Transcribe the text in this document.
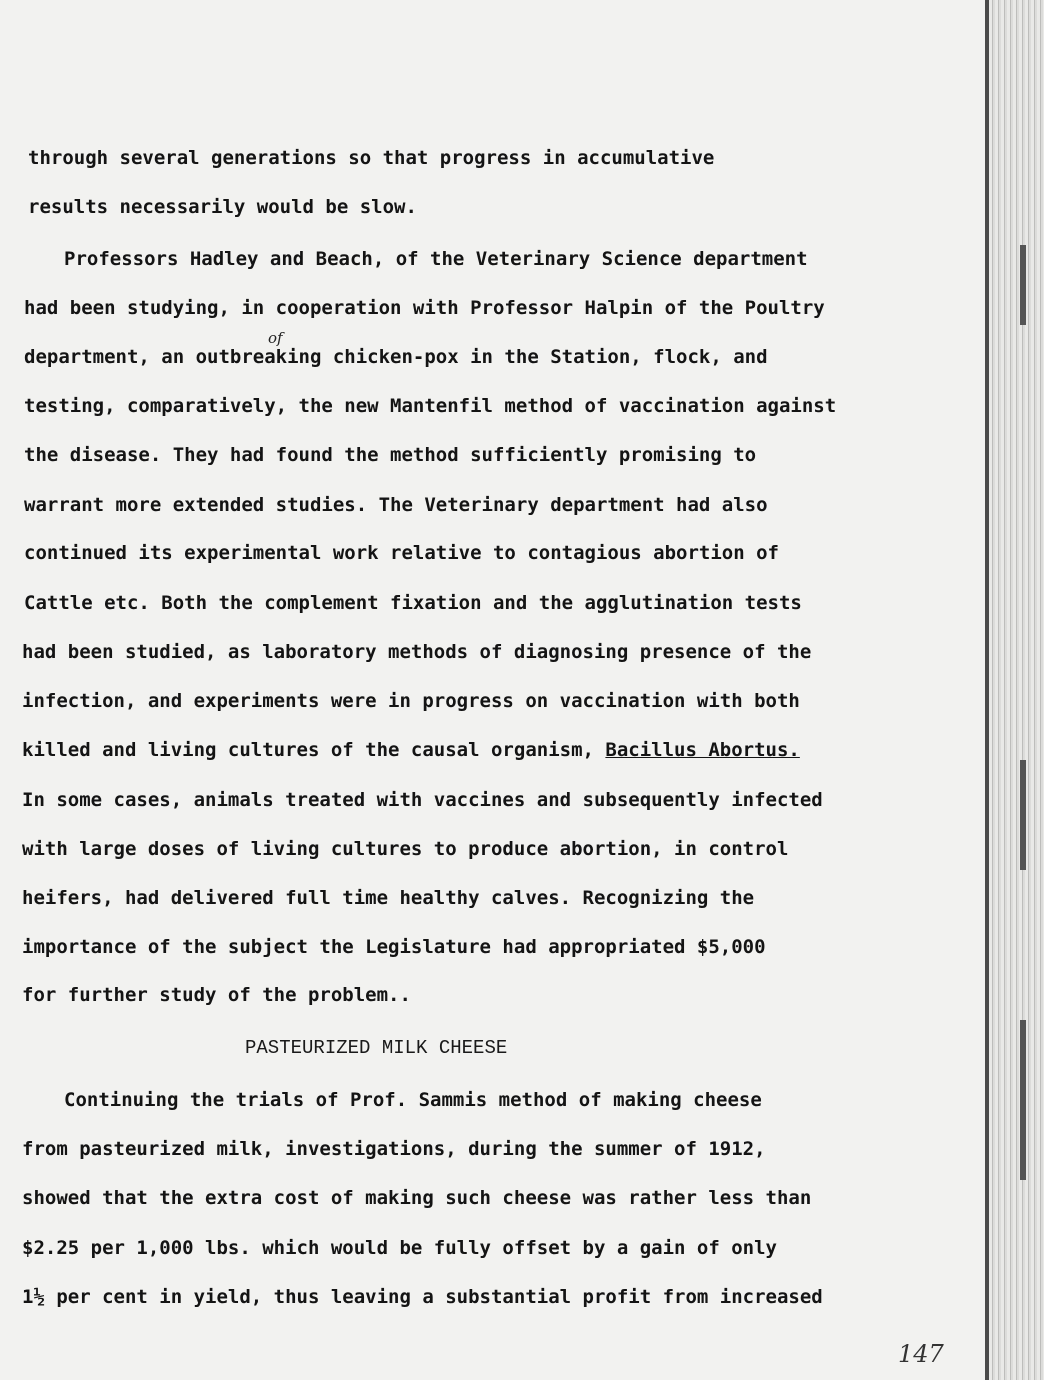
through several generations so that progress in accumulative

results necessarily would be slow.

Professors Hadley and Beach, of the Veterinary Science department

had been studying, in cooperation with Professor Halpin of the Poultry

department, an outbreaking chicken-pox in the Station, flock, and

of

testing, comparatively, the new Mantenfil method of vaccination against

the disease. They had found the method sufficiently promising to

warrant more extended studies. The Veterinary department had also

continued its experimental work relative to contagious abortion of

Cattle etc. Both the complement fixation and the agglutination tests

had been studied, as laboratory methods of diagnosing presence of the

infection, and experiments were in progress on vaccination with both

killed and living cultures of the causal organism, Bacillus Abortus.

In some cases, animals treated with vaccines and subsequently infected

with large doses of living cultures to produce abortion, in control

heifers, had delivered full time healthy calves. Recognizing the

importance of the subject the Legislature had appropriated $5,000

for further study of the problem..

PASTEURIZED MILK CHEESE

Continuing the trials of Prof. Sammis method of making cheese

from pasteurized milk, investigations, during the summer of 1912,

showed that the extra cost of making such cheese was rather less than

$2.25 per 1,000 lbs. which would be fully offset by a gain of only

1½ per cent in yield, thus leaving a substantial profit from increased

147
